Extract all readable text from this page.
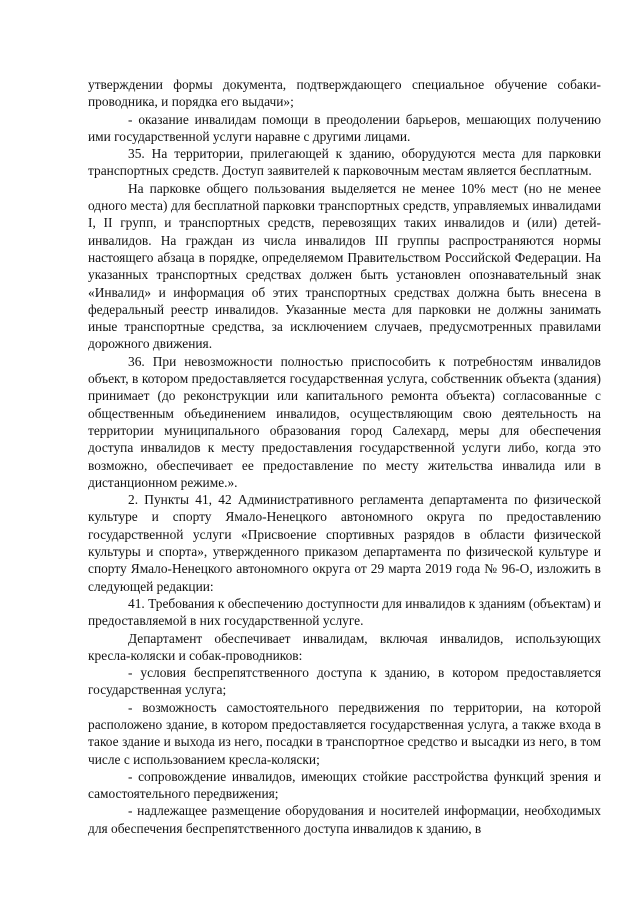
утверждении формы документа, подтверждающего специальное обучение собаки-проводника, и порядка его выдачи»;

- оказание инвалидам помощи в преодолении барьеров, мешающих получению ими государственной услуги наравне с другими лицами.

35. На территории, прилегающей к зданию, оборудуются места для парковки транспортных средств. Доступ заявителей к парковочным местам является бесплатным.

На парковке общего пользования выделяется не менее 10% мест (но не менее одного места) для бесплатной парковки транспортных средств, управляемых инвалидами I, II групп, и транспортных средств, перевозящих таких инвалидов и (или) детей-инвалидов. На граждан из числа инвалидов III группы распространяются нормы настоящего абзаца в порядке, определяемом Правительством Российской Федерации. На указанных транспортных средствах должен быть установлен опознавательный знак «Инвалид» и информация об этих транспортных средствах должна быть внесена в федеральный реестр инвалидов. Указанные места для парковки не должны занимать иные транспортные средства, за исключением случаев, предусмотренных правилами дорожного движения.

36. При невозможности полностью приспособить к потребностям инвалидов объект, в котором предоставляется государственная услуга, собственник объекта (здания) принимает (до реконструкции или капитального ремонта объекта) согласованные с общественным объединением инвалидов, осуществляющим свою деятельность на территории муниципального образования город Салехард, меры для обеспечения доступа инвалидов к месту предоставления государственной услуги либо, когда это возможно, обеспечивает ее предоставление по месту жительства инвалида или в дистанционном режиме.».

2. Пункты 41, 42 Административного регламента департамента по физической культуре и спорту Ямало-Ненецкого автономного округа по предоставлению государственной услуги «Присвоение спортивных разрядов в области физической культуры и спорта», утвержденного приказом департамента по физической культуре и спорту Ямало-Ненецкого автономного округа от 29 марта 2019 года № 96-О, изложить в следующей редакции:

41. Требования к обеспечению доступности для инвалидов к зданиям (объектам) и предоставляемой в них государственной услуге.

Департамент обеспечивает инвалидам, включая инвалидов, использующих кресла-коляски и собак-проводников:

- условия беспрепятственного доступа к зданию, в котором предоставляется государственная услуга;

- возможность самостоятельного передвижения по территории, на которой расположено здание, в котором предоставляется государственная услуга, а также входа в такое здание и выхода из него, посадки в транспортное средство и высадки из него, в том числе с использованием кресла-коляски;

- сопровождение инвалидов, имеющих стойкие расстройства функций зрения и самостоятельного передвижения;

- надлежащее размещение оборудования и носителей информации, необходимых для обеспечения беспрепятственного доступа инвалидов к зданию, в
